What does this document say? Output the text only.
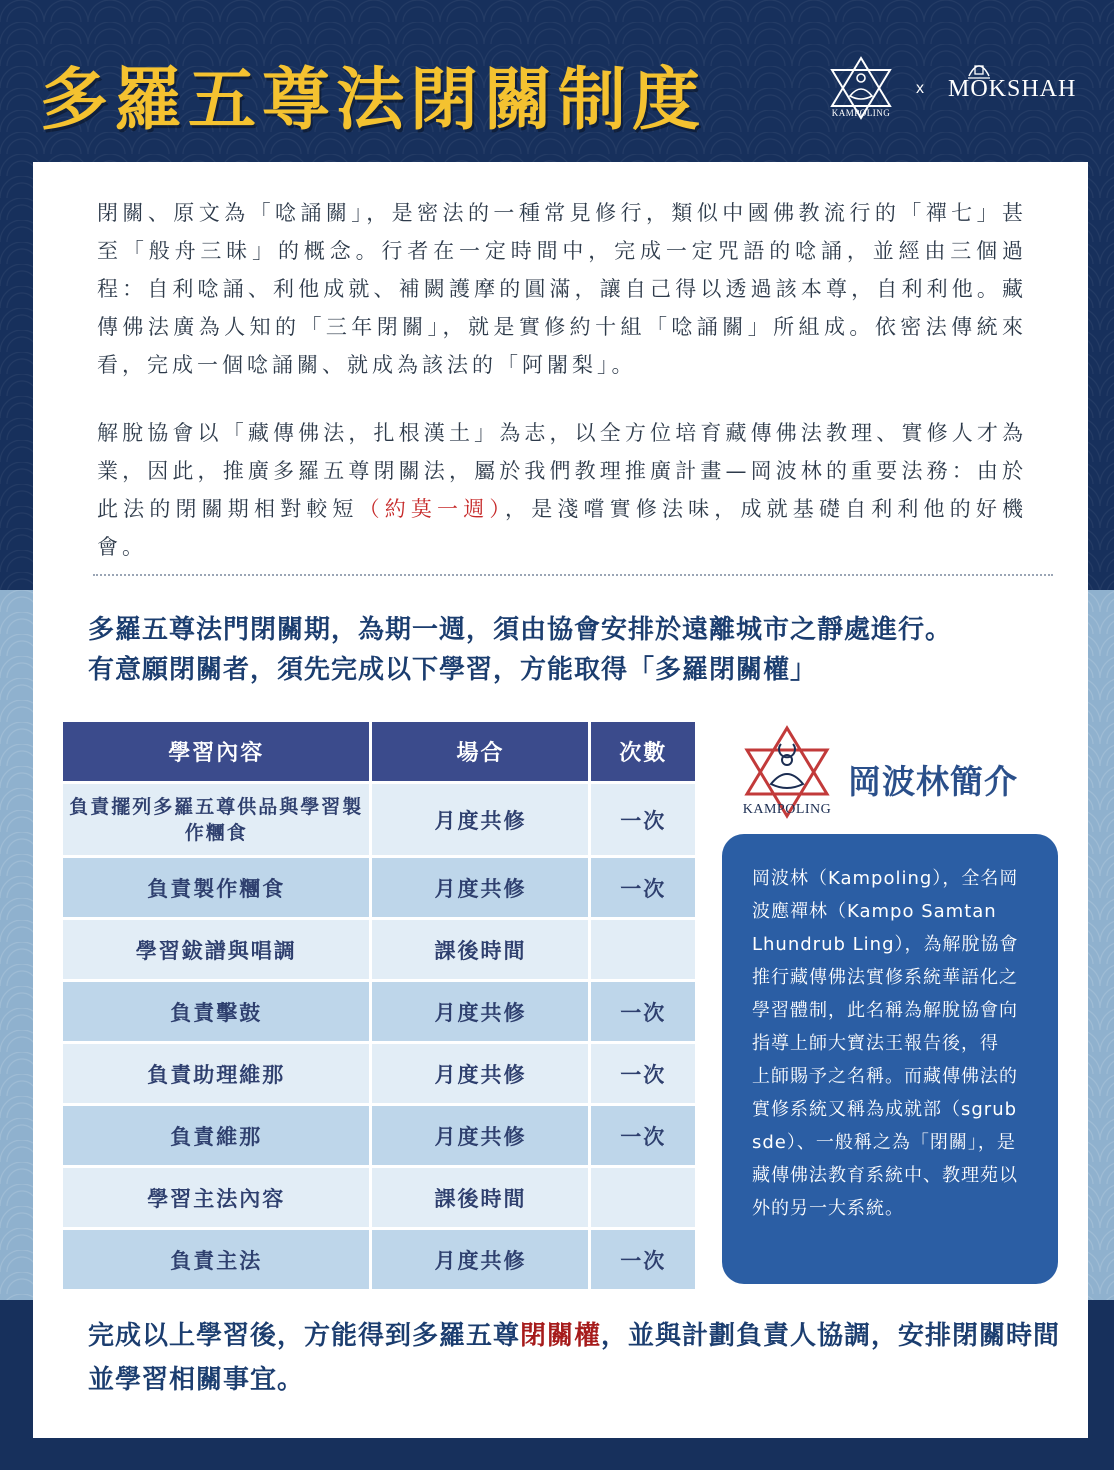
多羅五尊法閉關制度	KAMPOLING
x MOKSHAH

閉關、原文為「唸誦關」，是密法的一種常見修行，類似中國佛教流行的「禪七」甚至「般舟三昧」的概念。行者在一定時間中，完成一定咒語的唸誦，並經由三個過程：自利唸誦、利他成就、補闕護摩的圓滿，讓自己得以透過該本尊，自利利他。藏傳佛法廣為人知的「三年閉關」，就是實修約十組「唸誦關」所組成。依密法傳統來看，完成一個唸誦關、就成為該法的「阿闍梨」。

解脫協會以「藏傳佛法，扎根漢土」為志，以全方位培育藏傳佛法教理、實修人才為業，因此，推廣多羅五尊閉關法，屬於我們教理推廣計畫—岡波林的重要法務：由於此法的閉關期相對較短（約莫一週），是淺嚐實修法味，成就基礎自利利他的好機會。

多羅五尊法門閉關期，為期一週，須由協會安排於遠離城市之靜處進行。
有意願閉關者，須先完成以下學習，方能取得「多羅閉關權」
學習內容	場合	次數
負責擺列多羅五尊供品與學習製作糰食	月度共修	一次
負責製作糰食	月度共修	一次
學習鈸譜與唱調	課後時間	
負責擊鼓	月度共修	一次
負責助理維那	月度共修	一次
負責維那	月度共修	一次
學習主法內容	課後時間	
負責主法	月度共修	一次
KAMPOLING
岡波林簡介

岡波林（Kampoling），全名岡波應禪林（Kampo Samtan Lhundrub Ling），為解脫協會推行藏傳佛法實修系統華語化之學習體制，此名稱為解脫協會向指導上師大寶法王報告後，得　上師賜予之名稱。而藏傳佛法的實修系統又稱為成就部（sgrub　sde）、一般稱之為「閉關」，是藏傳佛法教育系統中、教理苑以外的另一大系統。

完成以上學習後，方能得到多羅五尊閉關權，並與計劃負責人協調，安排閉關時間並學習相關事宜。
